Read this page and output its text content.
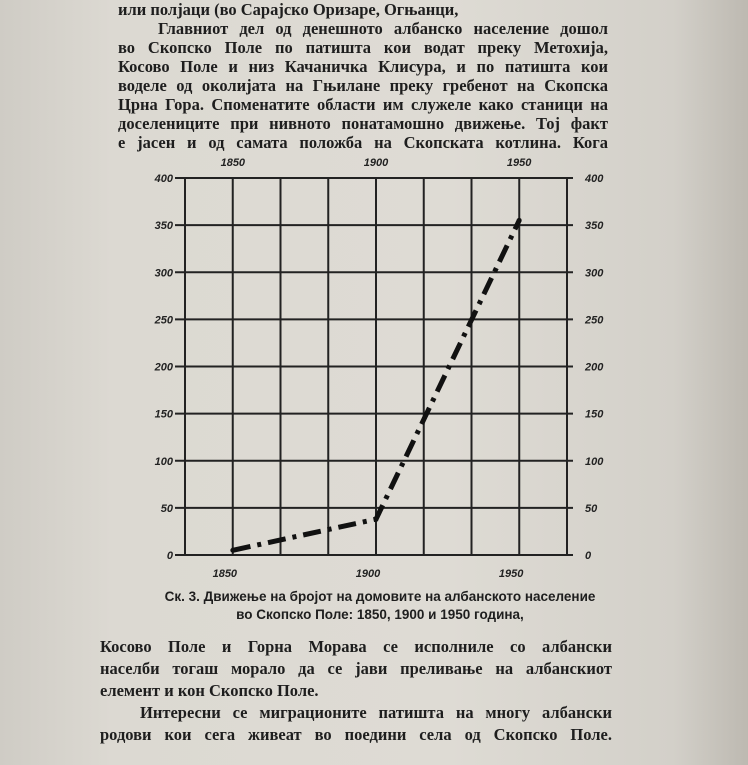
или полјаци (во Сарајско Оризаре, Огњанци,
Главниот дел од денешното албанско население дошол
во Скопско Поле по патишта кои водат преку Метохија,
Косово Поле и низ Качаничка Клисура, и по патишта кои
воделе од околијата на Гњилане преку гребенот на Скопска
Црна Гора. Споменатите области им служеле како станици на
доселениците при нивното понатамошно движење. Тој факт
е јасен и од самата положба на Скопската котлина. Кога
0	0
50	50
100	100
150	150
200	200
250	250
300	300
350	350
400	400
1850
1850
1900
1900
1950
1950
Ск. 3. Движење на бројот на домовите на албанското население
во Скопско Поле: 1850, 1900 и 1950 година,
Косово Поле и Горна Морава се исполниле со албански
населби тогаш морало да се јави преливање на албанскиот
елемент и кон Скопско Поле.
Интересни се миграционите патишта на многу албански
родови кои сега живеат во поедини села од Скопско Поле.
